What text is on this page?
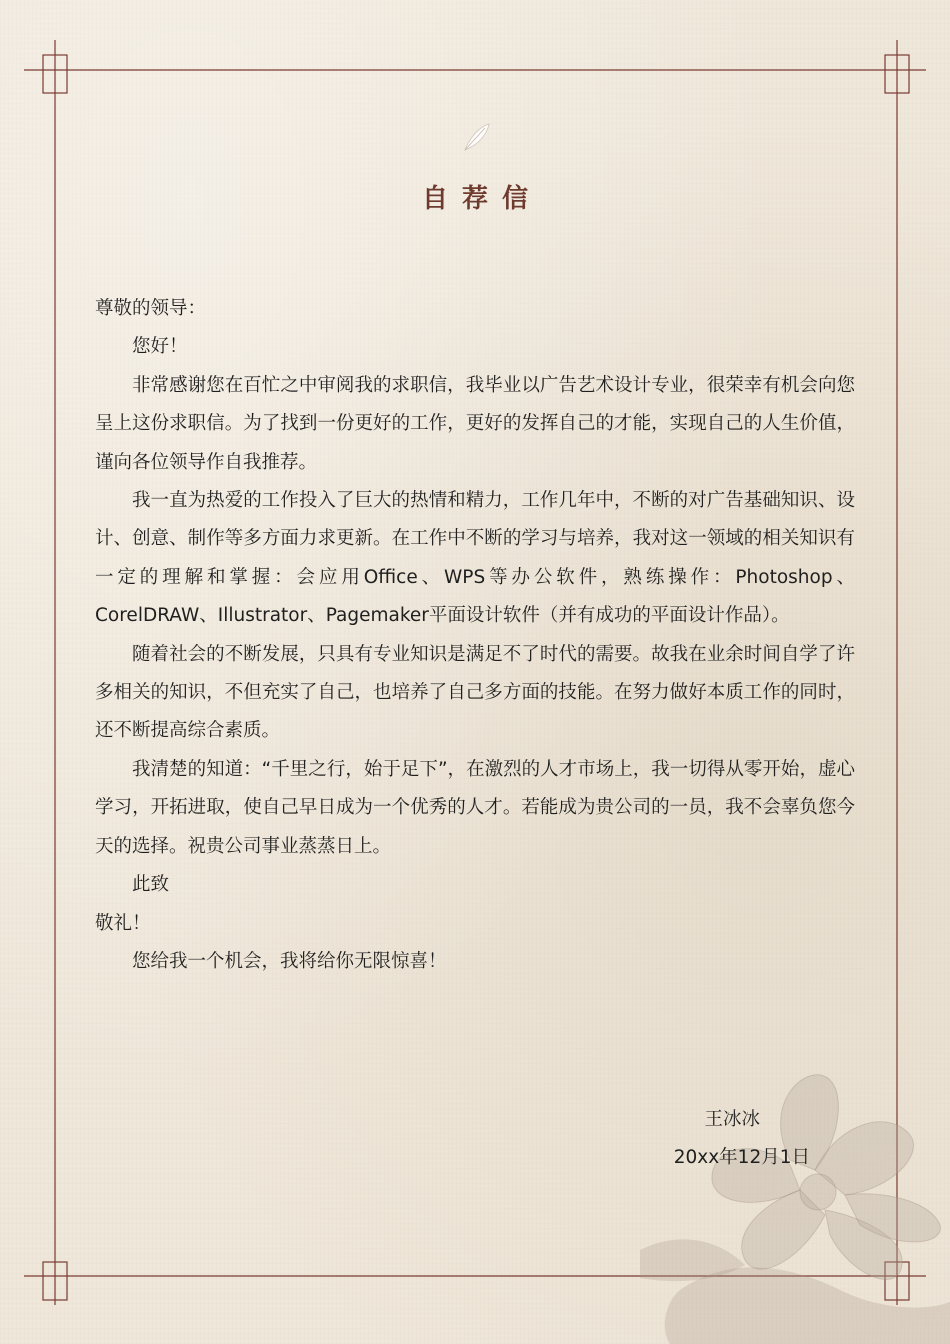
自荐信

尊敬的领导：

您好！

非常感谢您在百忙之中审阅我的求职信，我毕业以广告艺术设计专业，很荣幸有机会向您呈上这份求职信。为了找到一份更好的工作，更好的发挥自己的才能，实现自己的人生价值，谨向各位领导作自我推荐。

我一直为热爱的工作投入了巨大的热情和精力，工作几年中，不断的对广告基础知识、设计、创意、制作等多方面力求更新。在工作中不断的学习与培养，我对这一领域的相关知识有一定的理解和掌握：会应用Office、WPS等办公软件，熟练操作：Photoshop、CorelDRAW、Illustrator、Pagemaker平面设计软件（并有成功的平面设计作品）。

随着社会的不断发展，只具有专业知识是满足不了时代的需要。故我在业余时间自学了许多相关的知识，不但充实了自己，也培养了自己多方面的技能。在努力做好本质工作的同时，还不断提高综合素质。

我清楚的知道：“千里之行，始于足下”，在激烈的人才市场上，我一切得从零开始，虚心学习，开拓进取，使自己早日成为一个优秀的人才。若能成为贵公司的一员，我不会辜负您今天的选择。祝贵公司事业蒸蒸日上。

此致

敬礼！

您给我一个机会，我将给你无限惊喜！

王冰冰
20xx年12月1日
